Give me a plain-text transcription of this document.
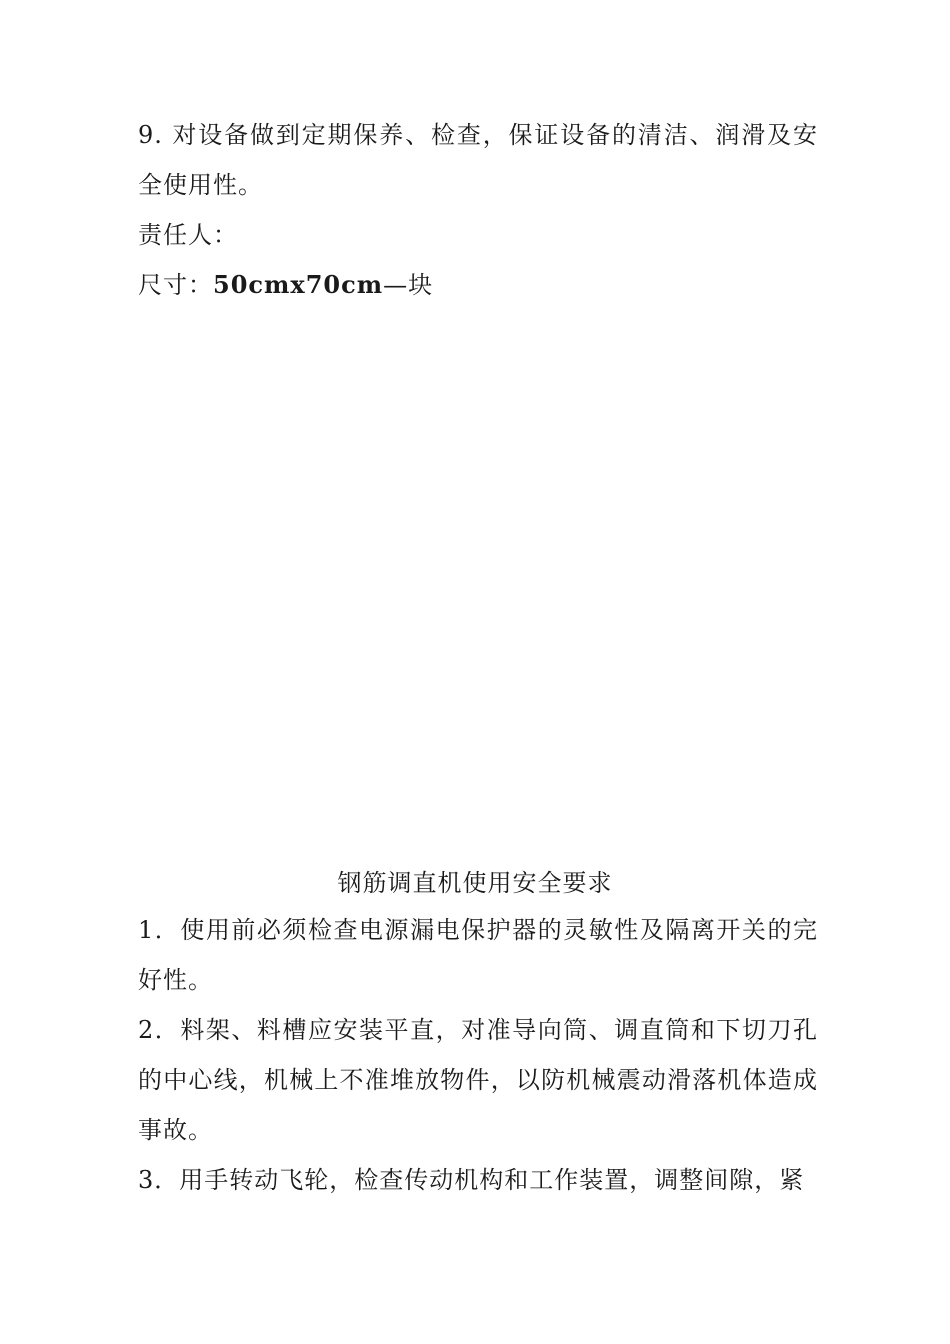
9. 对设备做到定期保养、检查，保证设备的清洁、润滑及安全使用性。

责任人：

尺寸：50cmx70cm—块

钢筋调直机使用安全要求

1．使用前必须检查电源漏电保护器的灵敏性及隔离开关的完好性。

2．料架、料槽应安装平直，对准导向筒、调直筒和下切刀孔的中心线，机械上不准堆放物件，以防机械震动滑落机体造成事故。

3．用手转动飞轮，检查传动机构和工作装置，调整间隙，紧
